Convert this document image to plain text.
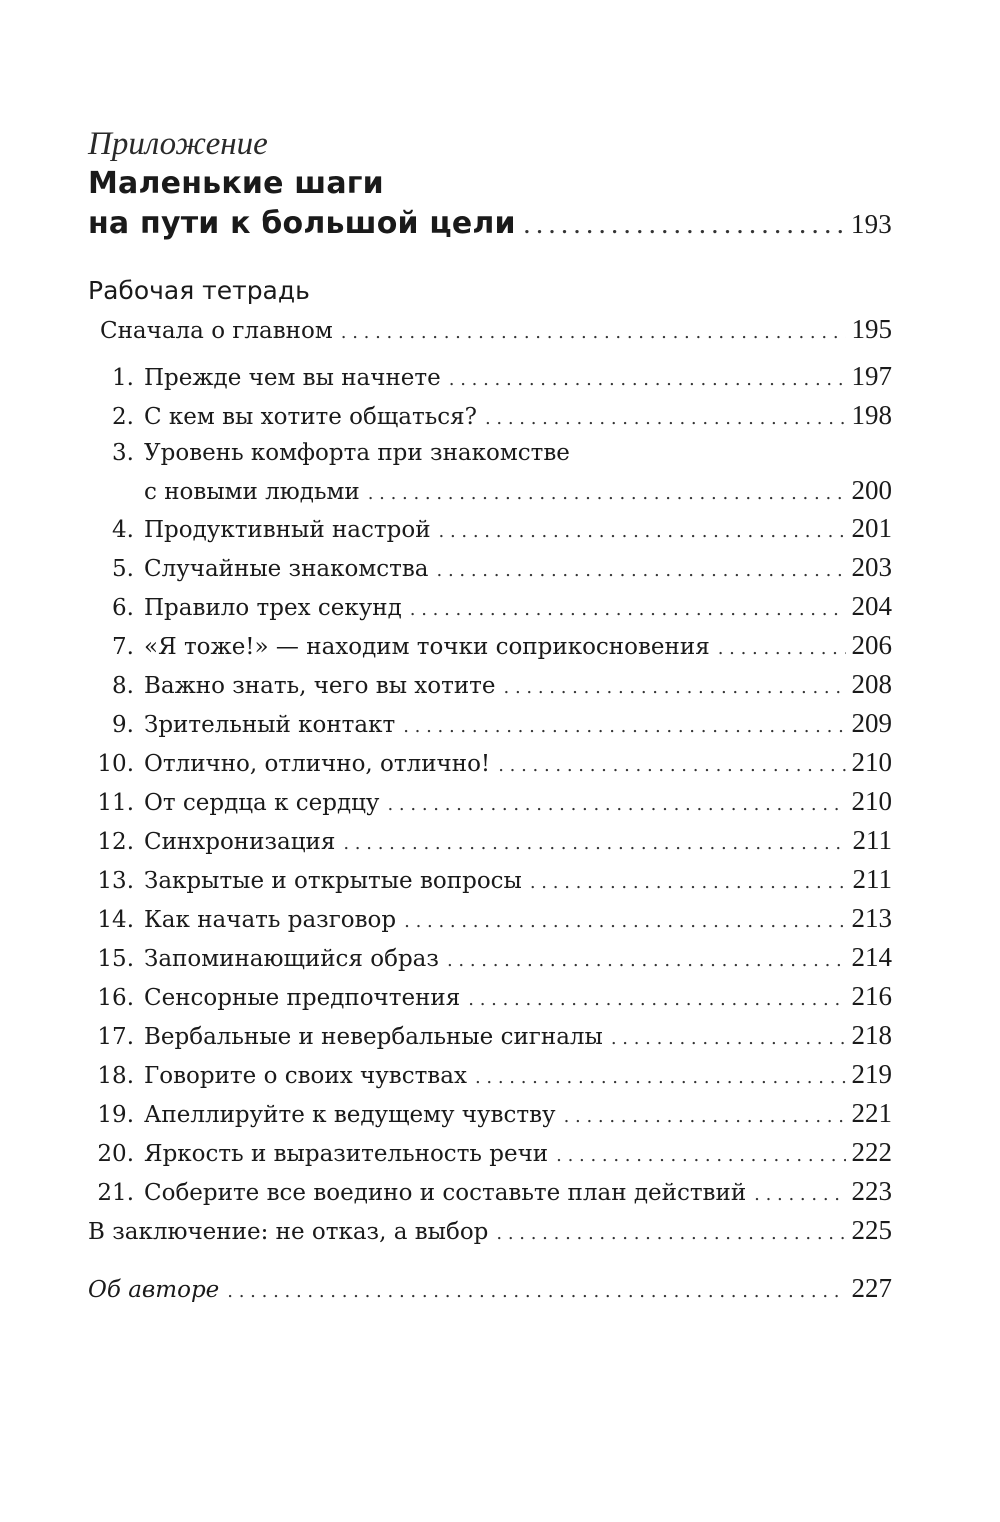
Приложение

Маленькие шаги

на пути к большой цели . . .	193

Рабочая тетрадь

Сначала о главном . . .	195
1. Прежде чем вы начнете . . .	197
2. С кем вы хотите общаться? . . .	198
3. Уровень комфорта при знакомстве
с новыми людьми . . .	200
4. Продуктивный настрой . . .	201
5. Случайные знакомства . . .	203
6. Правило трех секунд . . .	204
7. «Я тоже!» — находим точки соприкосновения . . .	206
8. Важно знать, чего вы хотите . . .	208
9. Зрительный контакт . . .	209
10. Отлично, отлично, отлично! . . .	210
11. От сердца к сердцу . . .	210
12. Синхронизация . . .	211
13. Закрытые и открытые вопросы . . .	211
14. Как начать разговор . . .	213
15. Запоминающийся образ . . .	214
16. Сенсорные предпочтения . . .	216
17. Вербальные и невербальные сигналы . . .	218
18. Говорите о своих чувствах . . .	219
19. Апеллируйте к ведущему чувству . . .	221
20. Яркость и выразительность речи . . .	222
21. Соберите все воедино и составьте план действий . . .	223
В заключение: не отказ, а выбор . . .	225
Об авторе . . .	227
